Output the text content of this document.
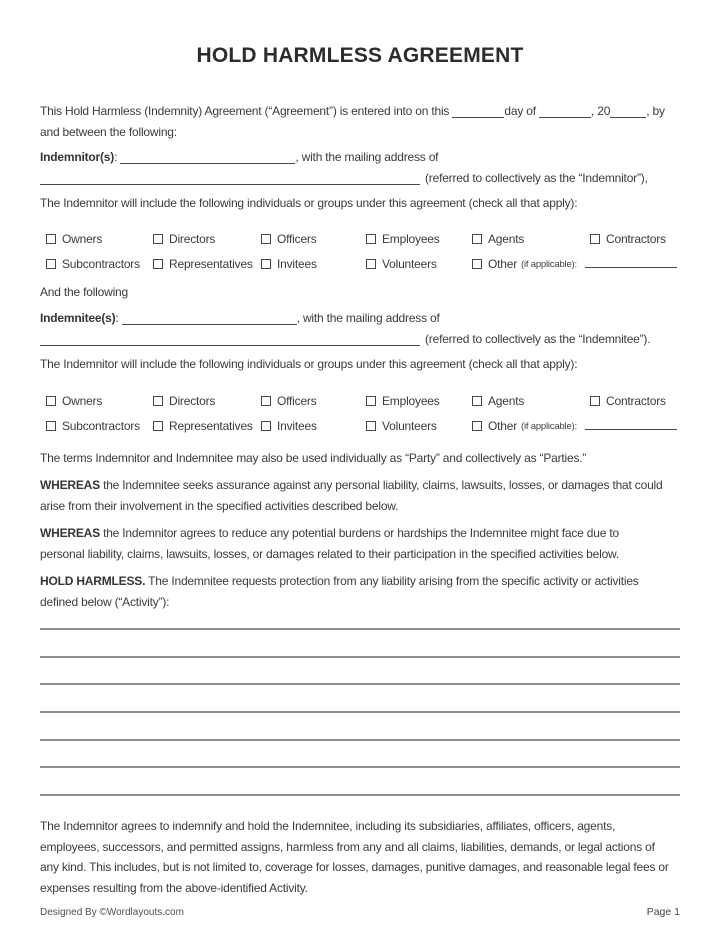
HOLD HARMLESS AGREEMENT
This Hold Harmless (Indemnity) Agreement (“Agreement”) is entered into on this	day of	, 20	, by
and between the following:
Indemnitor(s):	, with the mailing address of
(referred to collectively as the “Indemnitor”),
The Indemnitor will include the following individuals or groups under this agreement (check all that apply):
Owners	Directors	Officers	Employees	Agents	Contractors
Subcontractors Representatives Invitees	Volunteers	Other (if applicable):
And the following
Indemnitee(s):	, with the mailing address of
(referred to collectively as the “Indemnitee”).
The Indemnitor will include the following individuals or groups under this agreement (check all that apply):
Owners	Directors	Officers	Employees	Agents	Contractors
Subcontractors Representatives Invitees	Volunteers	Other (if applicable):
The terms Indemnitor and Indemnitee may also be used individually as “Party” and collectively as “Parties.”
WHEREAS the Indemnitee seeks assurance against any personal liability, claims, lawsuits, losses, or damages that could
arise from their involvement in the specified activities described below.
WHEREAS the Indemnitor agrees to reduce any potential burdens or hardships the Indemnitee might face due to
personal liability, claims, lawsuits, losses, or damages related to their participation in the specified activities below.
HOLD HARMLESS. The Indemnitee requests protection from any liability arising from the specific activity or activities
defined below (“Activity”):
The Indemnitor agrees to indemnify and hold the Indemnitee, including its subsidiaries, affiliates, officers, agents,
employees, successors, and permitted assigns, harmless from any and all claims, liabilities, demands, or legal actions of
any kind. This includes, but is not limited to, coverage for losses, damages, punitive damages, and reasonable legal fees or
expenses resulting from the above-identified Activity.
Designed By ©Wordlayouts.com	Page 1
